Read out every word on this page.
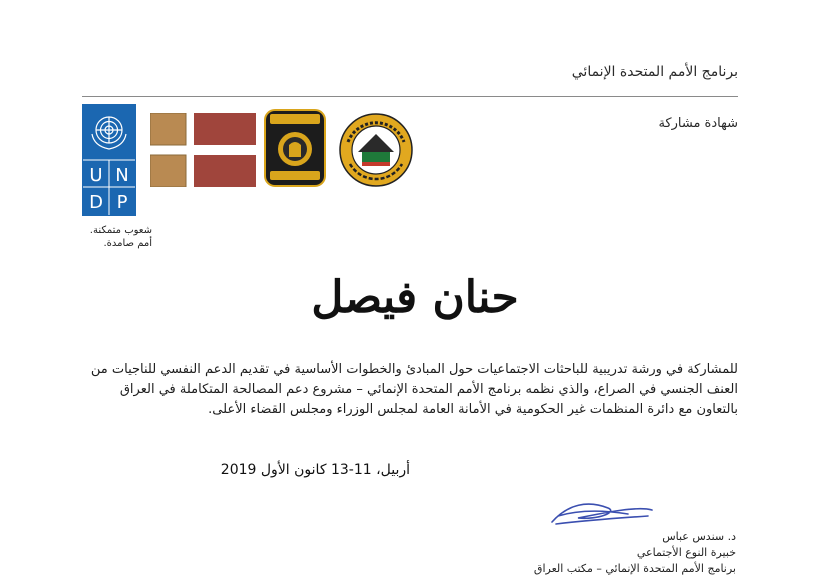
برنامج الأمم المتحدة الإنمائي
شهادة مشاركة
U N
D P
شعوب متمكنة.
أمم صامدة.
حنان فيصل

للمشاركة في ورشة تدريبية للباحثات الاجتماعيات حول المبادئ والخطوات الأساسية في تقديم الدعم النفسي للناجيات من العنف الجنسي في الصراع، والذي نظمه برنامج الأمم المتحدة الإنمائي – مشروع دعم المصالحة المتكاملة في العراق بالتعاون مع دائرة المنظمات غير الحكومية في الأمانة العامة لمجلس الوزراء ومجلس القضاء الأعلى.

أربيل، 11-13 كانون الأول 2019
د. سندس عباس
خبيرة النوع الأجتماعي
برنامج الأمم المتحدة الإنمائي – مكتب العراق
